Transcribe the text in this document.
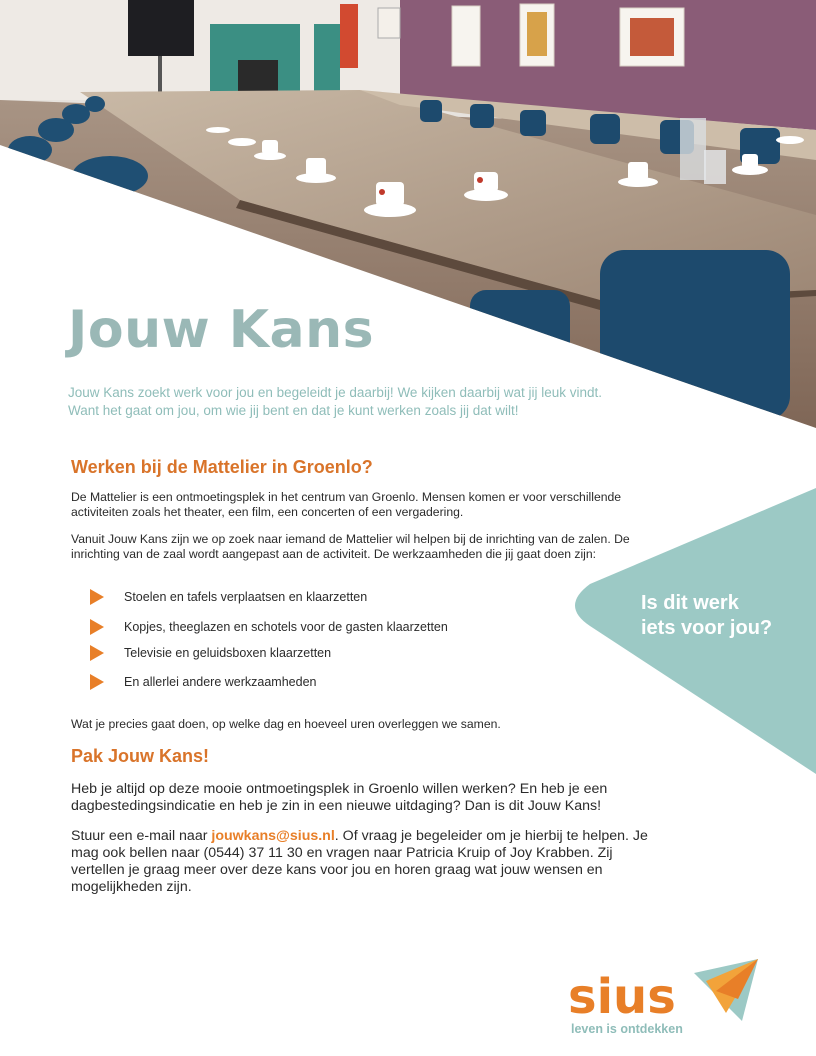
Jouw Kans

Jouw Kans zoekt werk voor jou en begeleidt je daarbij! We kijken daarbij wat jij leuk vindt.

Want het gaat om jou, om wie jij bent en dat je kunt werken zoals jij dat wilt!

Werken bij de Mattelier in Groenlo?

De Mattelier is een ontmoetingsplek in het centrum van Groenlo. Mensen komen er voor verschillende activiteiten zoals het theater, een film, een concerten of een vergadering.

Vanuit Jouw Kans zijn we op zoek naar iemand de Mattelier wil helpen bij de inrichting van de zalen. De inrichting van de zaal wordt aangepast aan de activiteit. De werkzaamheden die jij gaat doen zijn:

Stoelen en tafels verplaatsen en klaarzetten
Kopjes, theeglazen en schotels voor de gasten klaarzetten
Televisie en geluidsboxen klaarzetten
En allerlei andere werkzaamheden

Wat je precies gaat doen, op welke dag en hoeveel uren overleggen we samen.

Pak Jouw Kans!

Heb je altijd op deze mooie ontmoetingsplek in Groenlo willen werken? En heb je een dagbestedingsindicatie en heb je zin in een nieuwe uitdaging? Dan is dit Jouw Kans!

Stuur een e-mail naar jouwkans@sius.nl. Of vraag je begeleider om je hierbij te helpen. Je mag ook bellen naar (0544) 37 11 30 en vragen naar Patricia Kruip of Joy Krabben. Zij vertellen je graag meer over deze kans voor jou en horen graag wat jouw wensen en mogelijkheden zijn.

Is dit werk
iets voor jou?

sius

leven is ontdekken
